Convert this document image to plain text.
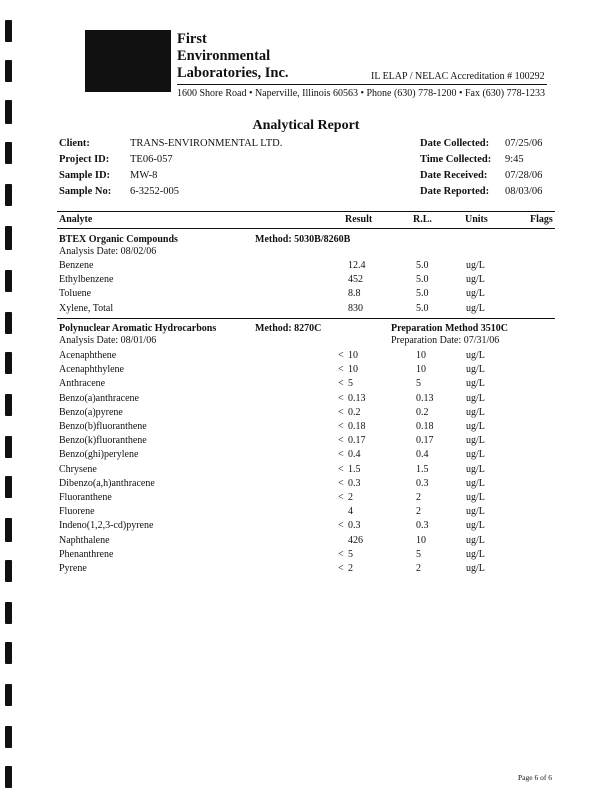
First
Environmental
Laboratories, Inc.	IL ELAP / NELAC Accreditation # 100292
1600 Shore Road • Naperville, Illinois 60563 • Phone (630) 778-1200 • Fax (630) 778-1233
Analytical Report
Client:	TRANS-ENVIRONMENTAL LTD.
Project ID: TE06-057
Sample ID: MW-8
Sample No: 6-3252-005
Date Collected: 07/25/06
Time Collected: 9:45
Date Received: 07/28/06
Date Reported: 08/03/06
Analyte	Result	R.L.	Units	Flags
BTEX Organic Compounds	Method: 5030B/8260B
Analysis Date: 08/02/06
Benzene	12.4	5.0	ug/L
Ethylbenzene	452	5.0	ug/L
Toluene	8.8	5.0	ug/L
Xylene, Total	830	5.0	ug/L
Polynuclear Aromatic Hydrocarbons	Method: 8270C	Preparation Method 3510C
Analysis Date: 08/01/06	Preparation Date: 07/31/06
Acenaphthene	< 10	10	ug/L
Acenaphthylene	< 10	10	ug/L
Anthracene	< 5	5	ug/L
Benzo(a)anthracene	< 0.13	0.13	ug/L
Benzo(a)pyrene	< 0.2	0.2	ug/L
Benzo(b)fluoranthene	< 0.18	0.18	ug/L
Benzo(k)fluoranthene	< 0.17	0.17	ug/L
Benzo(ghi)perylene	< 0.4	0.4	ug/L
Chrysene	< 1.5	1.5	ug/L
Dibenzo(a,h)anthracene	< 0.3	0.3	ug/L
Fluoranthene	< 2	2	ug/L
Fluorene	4	2	ug/L
Indeno(1,2,3-cd)pyrene	< 0.3	0.3	ug/L
Naphthalene	426	10	ug/L
Phenanthrene	< 5	5	ug/L
Pyrene	< 2	2	ug/L
Page 6 of 6
